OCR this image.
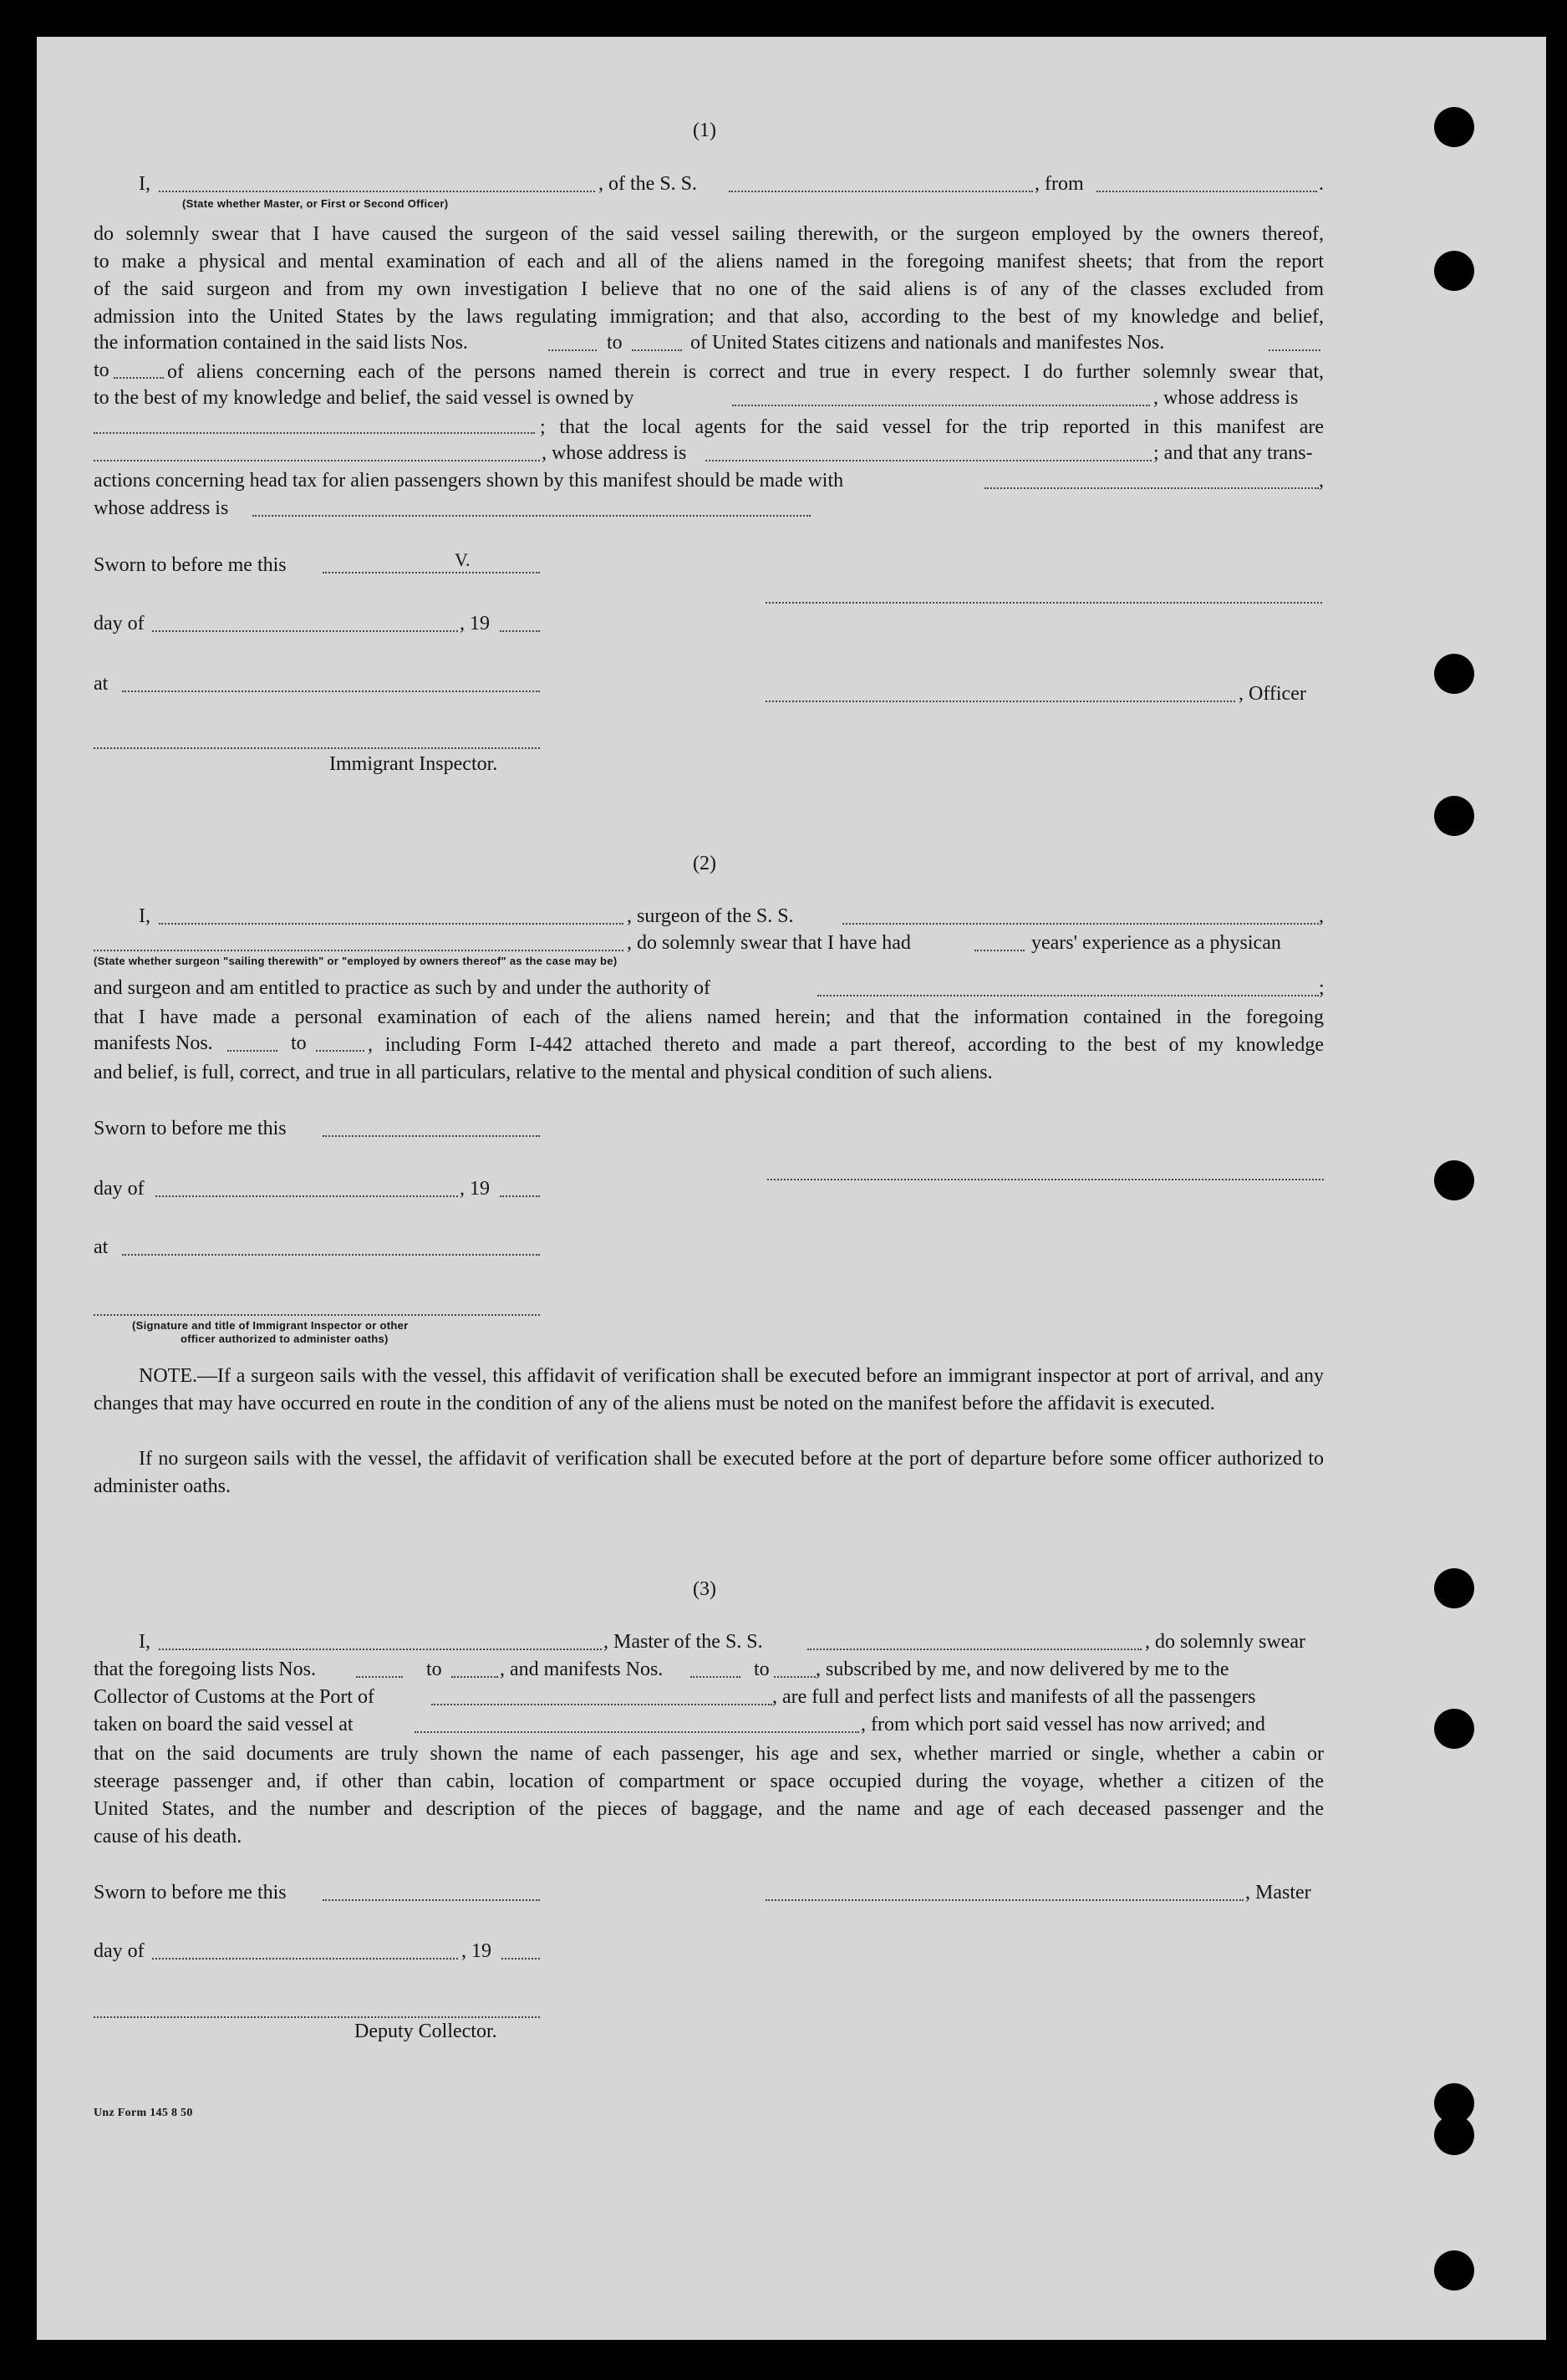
(1)
I,	, of the S. S.	, from	.
(State whether Master, or First or Second Officer)
do solemnly swear that I have caused the surgeon of the said vessel sailing therewith, or the surgeon employed by the owners thereof,
to make a physical and mental examination of each and all of the aliens named in the foregoing manifest sheets; that from the report
of the said surgeon and from my own investigation I believe that no one of the said aliens is of any of the classes excluded from
admission into the United States by the laws regulating immigration; and that also, according to the best of my knowledge and belief,
the information contained in the said lists Nos.	to	of United States citizens and nationals and manifestes Nos.
to	of aliens concerning each of the persons named therein is correct and true in every respect. I do further solemnly swear that,
to the best of my knowledge and belief, the said vessel is owned by	, whose address is
; that the local agents for the said vessel for the trip reported in this manifest are
, whose address is	; and that any trans-
actions concerning head tax for alien passengers shown by this manifest should be made with	,
whose address is
Sworn to before me this	V.
day of	, 19
at	, Officer
Immigrant Inspector.
(2)
I,	, surgeon of the S. S.	,
, do solemnly swear that I have had	years' experience as a physican
(State whether surgeon "sailing therewith" or "employed by owners thereof" as the case may be)
and surgeon and am entitled to practice as such by and under the authority of	;
that I have made a personal examination of each of the aliens named herein; and that the information contained in the foregoing
manifests Nos.	to	, including Form I-442 attached thereto and made a part thereof, according to the best of my knowledge
and belief, is full, correct, and true in all particulars, relative to the mental and physical condition of such aliens.
Sworn to before me this
day of	, 19
at
(Signature and title of Immigrant Inspector or other
officer authorized to administer oaths)
NOTE.—If a surgeon sails with the vessel, this affidavit of verification shall be executed before an immigrant inspector at port of arrival, and any changes that may have occurred en route in the condition of any of the aliens must be noted on the manifest before the affidavit is executed.
If no surgeon sails with the vessel, the affidavit of verification shall be executed before at the port of departure before some officer authorized to administer oaths.
(3)
I,	, Master of the S. S.	, do solemnly swear
that the foregoing lists Nos.	to	, and manifests Nos.	to , subscribed by me, and now delivered by me to the
Collector of Customs at the Port of	, are full and perfect lists and manifests of all the passengers
taken on board the said vessel at	, from which port said vessel has now arrived; and
that on the said documents are truly shown the name of each passenger, his age and sex, whether married or single, whether a cabin or
steerage passenger and, if other than cabin, location of compartment or space occupied during the voyage, whether a citizen of the
United States, and the number and description of the pieces of baggage, and the name and age of each deceased passenger and the
cause of his death.
Sworn to before me this	, Master
day of	, 19
Deputy Collector.
Unz Form 145 8 50
